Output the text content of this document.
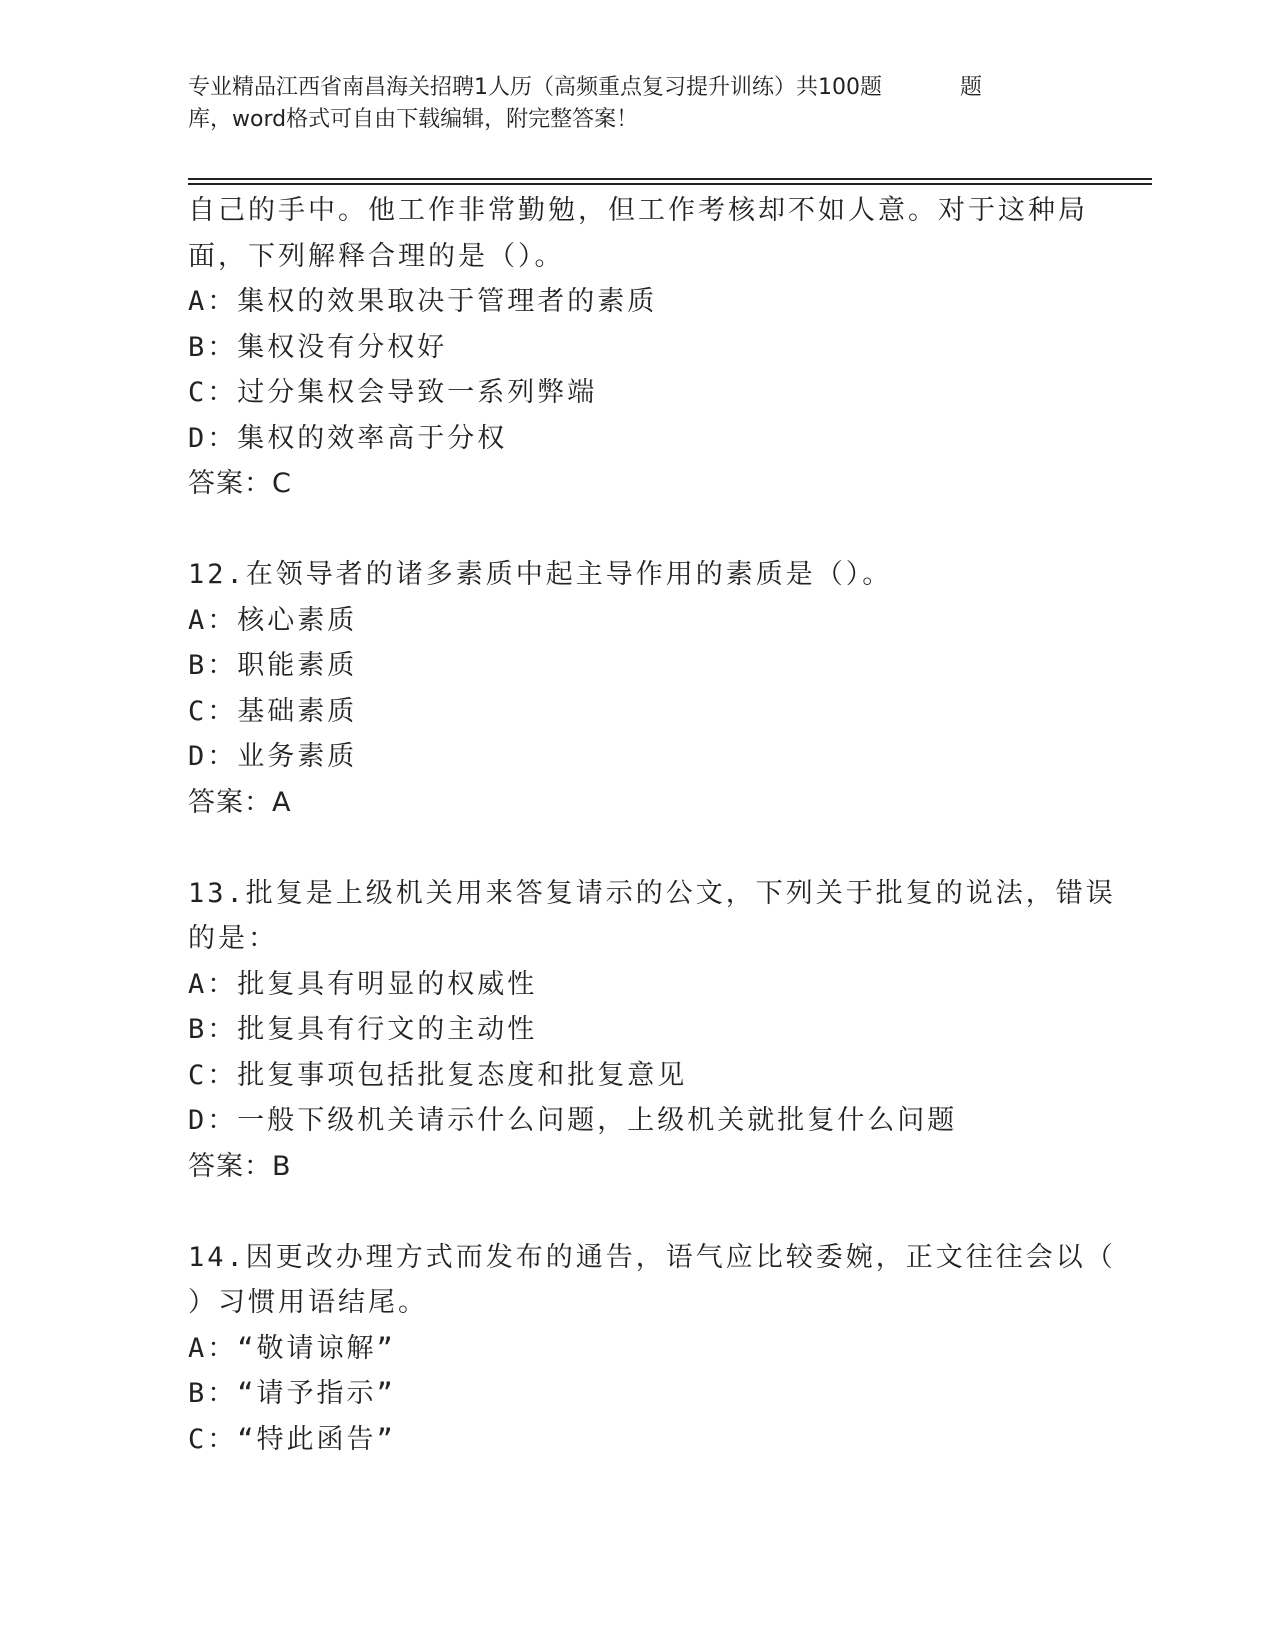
专业精品江西省南昌海关招聘1人历（高频重点复习提升训练）共100题	题
库，word格式可自由下载编辑，附完整答案！
自己的手中。他工作非常勤勉，但工作考核却不如人意。对于这种局
面，下列解释合理的是（）。
A：集权的效果取决于管理者的素质
B：集权没有分权好
C：过分集权会导致一系列弊端
D：集权的效率高于分权
答案：C
12.在领导者的诸多素质中起主导作用的素质是（）。
A：核心素质
B：职能素质
C：基础素质
D：业务素质
答案：A
13.批复是上级机关用来答复请示的公文，下列关于批复的说法，错误
的是：
A：批复具有明显的权威性
B：批复具有行文的主动性
C：批复事项包括批复态度和批复意见
D：一般下级机关请示什么问题，上级机关就批复什么问题
答案：B
14.因更改办理方式而发布的通告，语气应比较委婉，正文往往会以（
）习惯用语结尾。
A：“敬请谅解”
B：“请予指示”
C：“特此函告”
